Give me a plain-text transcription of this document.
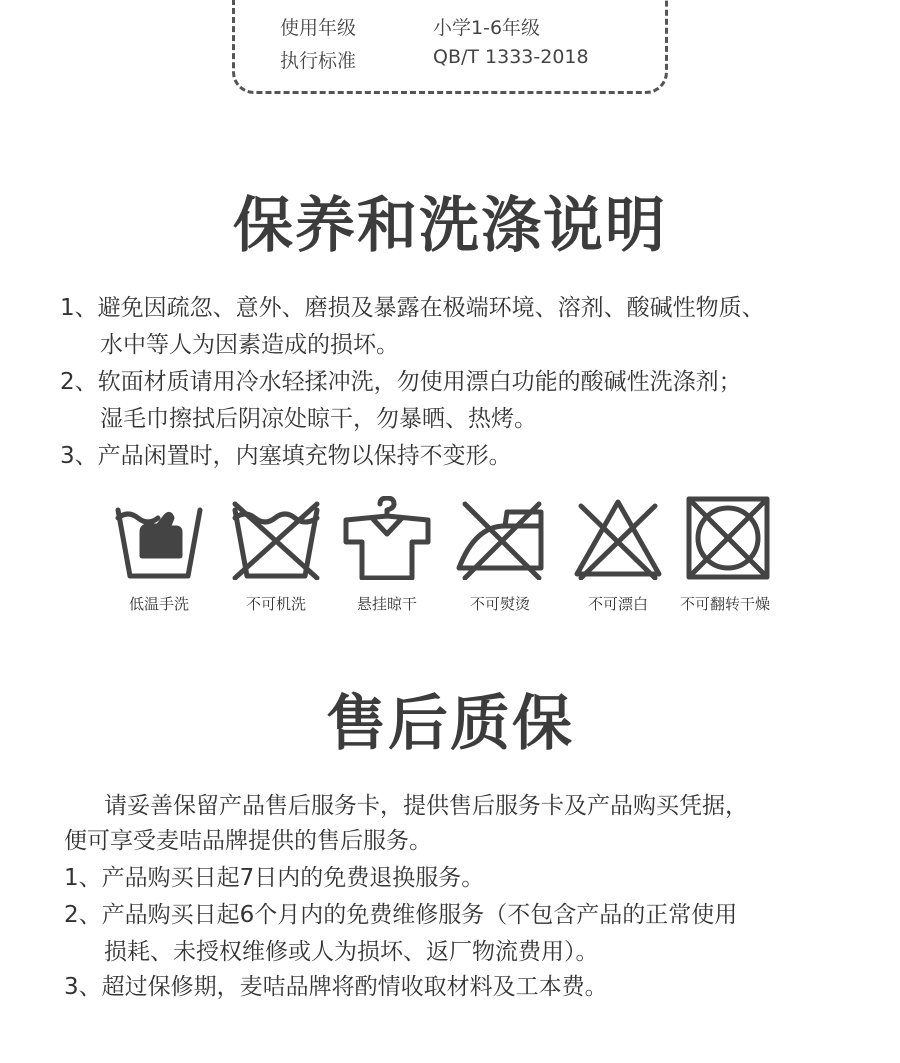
使用年级	小学1-6年级
执行标准	QB/T 1333-2018
保养和洗涤说明
1、避免因疏忽、意外、磨损及暴露在极端环境、溶剂、酸碱性物质、
水中等人为因素造成的损坏。
2、软面材质请用冷水轻揉冲洗，勿使用漂白功能的酸碱性洗涤剂；
湿毛巾擦拭后阴凉处晾干，勿暴晒、热烤。
3、产品闲置时，内塞填充物以保持不变形。
低温手洗	不可机洗	悬挂晾干	不可熨烫	不可漂白	不可翻转干燥
售后质保
请妥善保留产品售后服务卡，提供售后服务卡及产品购买凭据，
便可享受麦咭品牌提供的售后服务。
1、产品购买日起7日内的免费退换服务。
2、产品购买日起6个月内的免费维修服务（不包含产品的正常使用
损耗、未授权维修或人为损坏、返厂物流费用）。
3、超过保修期，麦咭品牌将酌情收取材料及工本费。
